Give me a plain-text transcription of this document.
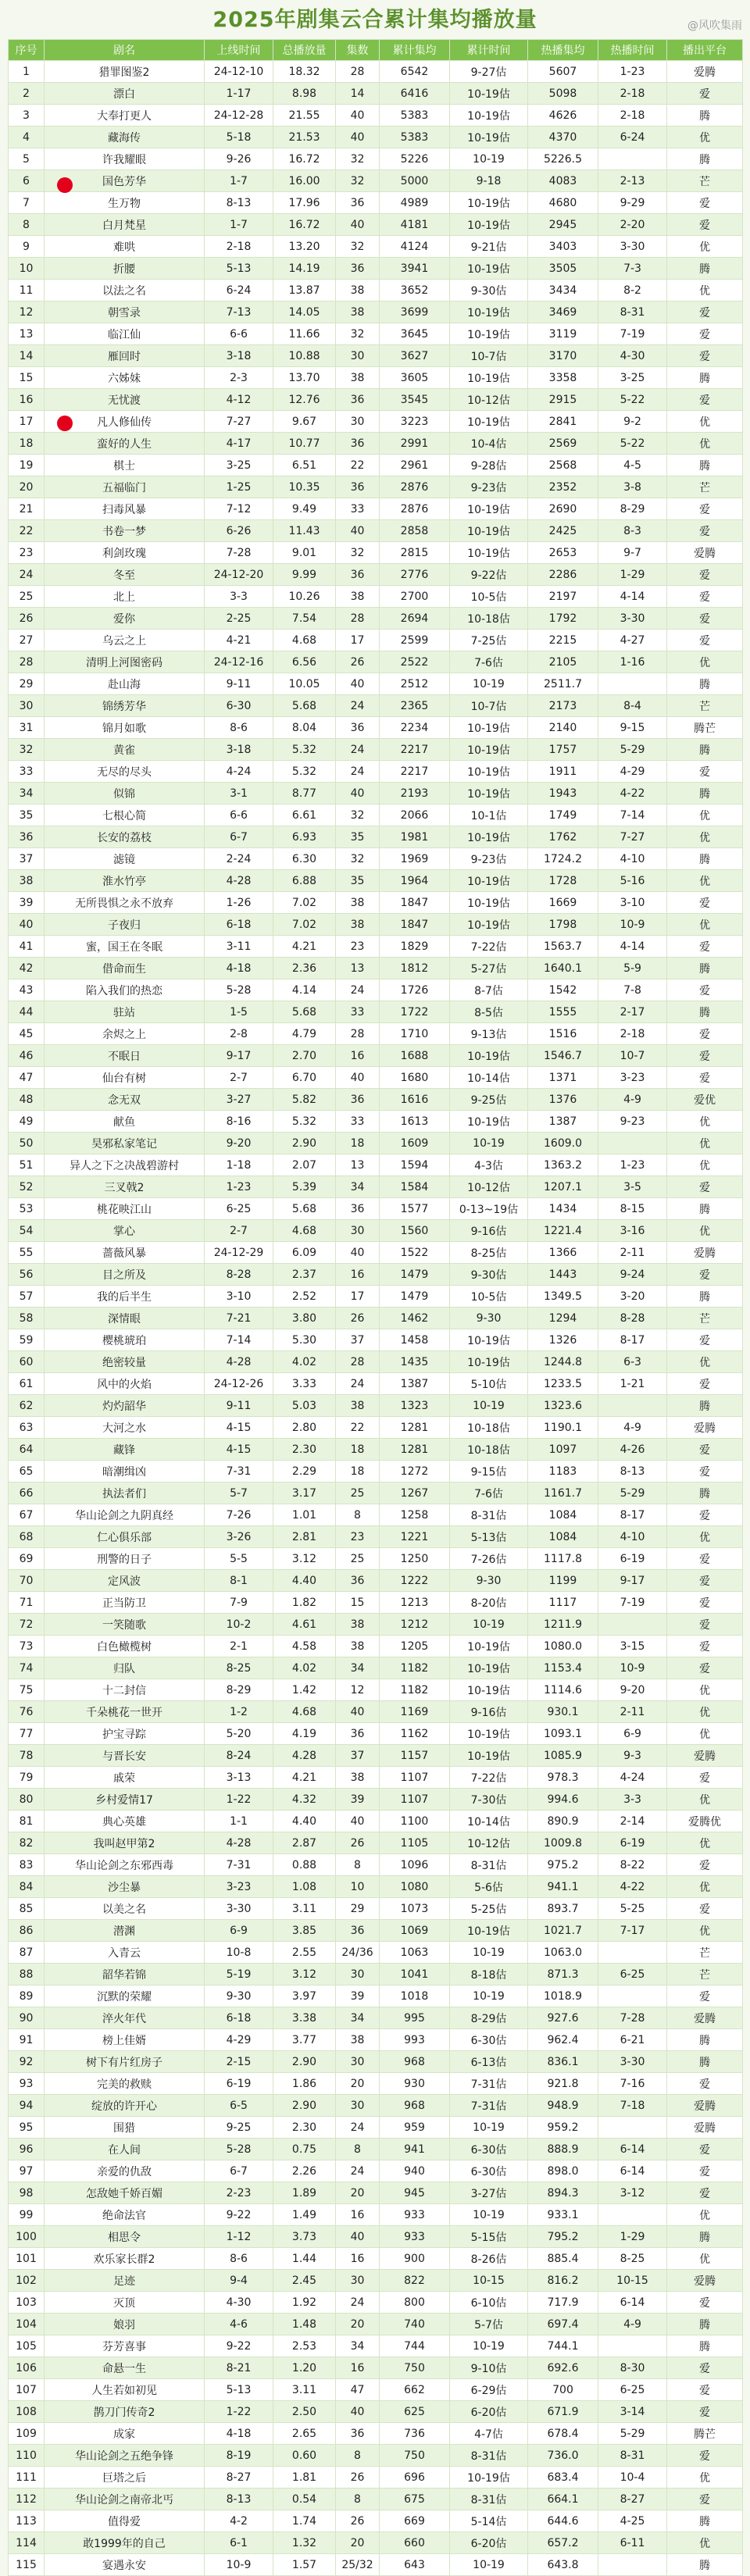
2025年剧集云合累计集均播放量	@风吹集雨
序号	剧名	上线时间	总播放量	集数	累计集均	累计时间	热播集均	热播时间	播出平台
1	猎罪图鉴2	24-12-10	18.32	28	6542	9-27估	5607	1-23	爱腾
2	漂白	1-17	8.98	14	6416	10-19估	5098	2-18	爱
3	大奉打更人	24-12-28	21.55	40	5383	10-19估	4626	2-18	腾
4	藏海传	5-18	21.53	40	5383	10-19估	4370	6-24	优
5	许我耀眼	9-26	16.72	32	5226	10-19	5226.5		腾
6	国色芳华	1-7	16.00	32	5000	9-18	4083	2-13	芒
7	生万物	8-13	17.96	36	4989	10-19估	4680	9-29	爱
8	白月梵星	1-7	16.72	40	4181	10-19估	2945	2-20	爱
9	难哄	2-18	13.20	32	4124	9-21估	3403	3-30	优
10	折腰	5-13	14.19	36	3941	10-19估	3505	7-3	腾
11	以法之名	6-24	13.87	38	3652	9-30估	3434	8-2	优
12	朝雪录	7-13	14.05	38	3699	10-19估	3469	8-31	爱
13	临江仙	6-6	11.66	32	3645	10-19估	3119	7-19	爱
14	雁回时	3-18	10.88	30	3627	10-7估	3170	4-30	爱
15	六姊妹	2-3	13.70	38	3605	10-19估	3358	3-25	腾
16	无忧渡	4-12	12.76	36	3545	10-12估	2915	5-22	爱
17	凡人修仙传	7-27	9.67	30	3223	10-19估	2841	9-2	优
18	蛮好的人生	4-17	10.77	36	2991	10-4估	2569	5-22	优
19	棋士	3-25	6.51	22	2961	9-28估	2568	4-5	腾
20	五福临门	1-25	10.35	36	2876	9-23估	2352	3-8	芒
21	扫毒风暴	7-12	9.49	33	2876	10-19估	2690	8-29	爱
22	书卷一梦	6-26	11.43	40	2858	10-19估	2425	8-3	爱
23	利剑玫瑰	7-28	9.01	32	2815	10-19估	2653	9-7	爱腾
24	冬至	24-12-20	9.99	36	2776	9-22估	2286	1-29	爱
25	北上	3-3	10.26	38	2700	10-5估	2197	4-14	爱
26	爱你	2-25	7.54	28	2694	10-18估	1792	3-30	爱
27	乌云之上	4-21	4.68	17	2599	7-25估	2215	4-27	爱
28	清明上河图密码	24-12-16	6.56	26	2522	7-6估	2105	1-16	优
29	赴山海	9-11	10.05	40	2512	10-19	2511.7		腾
30	锦绣芳华	6-30	5.68	24	2365	10-7估	2173	8-4	芒
31	锦月如歌	8-6	8.04	36	2234	10-19估	2140	9-15	腾芒
32	黄雀	3-18	5.32	24	2217	10-19估	1757	5-29	腾
33	无尽的尽头	4-24	5.32	24	2217	10-19估	1911	4-29	爱
34	似锦	3-1	8.77	40	2193	10-19估	1943	4-22	腾
35	七根心简	6-6	6.61	32	2066	10-1估	1749	7-14	优
36	长安的荔枝	6-7	6.93	35	1981	10-19估	1762	7-27	优
37	滤镜	2-24	6.30	32	1969	9-23估	1724.2	4-10	腾
38	淮水竹亭	4-28	6.88	35	1964	10-19估	1728	5-16	优
39	无所畏惧之永不放弃	1-26	7.02	38	1847	10-19估	1669	3-10	爱
40	子夜归	6-18	7.02	38	1847	10-19估	1798	10-9	优
41	蜜，国王在冬眠	3-11	4.21	23	1829	7-22估	1563.7	4-14	爱
42	借命而生	4-18	2.36	13	1812	5-27估	1640.1	5-9	腾
43	陷入我们的热恋	5-28	4.14	24	1726	8-7估	1542	7-8	爱
44	驻站	1-5	5.68	33	1722	8-5估	1555	2-17	腾
45	余烬之上	2-8	4.79	28	1710	9-13估	1516	2-18	爱
46	不眠日	9-17	2.70	16	1688	10-19估	1546.7	10-7	爱
47	仙台有树	2-7	6.70	40	1680	10-14估	1371	3-23	爱
48	念无双	3-27	5.82	36	1616	9-25估	1376	4-9	爱优
49	献鱼	8-16	5.32	33	1613	10-19估	1387	9-23	优
50	昊邪私家笔记	9-20	2.90	18	1609	10-19	1609.0		优
51	异人之下之决战碧游村	1-18	2.07	13	1594	4-3估	1363.2	1-23	优
52	三叉戟2	1-23	5.39	34	1584	10-12估	1207.1	3-5	爱
53	桃花映江山	6-25	5.68	36	1577	0-13~19估	1434	8-15	腾
54	掌心	2-7	4.68	30	1560	9-16估	1221.4	3-16	优
55	蔷薇风暴	24-12-29	6.09	40	1522	8-25估	1366	2-11	爱腾
56	目之所及	8-28	2.37	16	1479	9-30估	1443	9-24	爱
57	我的后半生	3-10	2.52	17	1479	10-5估	1349.5	3-20	腾
58	深情眼	7-21	3.80	26	1462	9-30	1294	8-28	芒
59	樱桃琥珀	7-14	5.30	37	1458	10-19估	1326	8-17	爱
60	绝密较量	4-28	4.02	28	1435	10-19估	1244.8	6-3	优
61	风中的火焰	24-12-26	3.33	24	1387	5-10估	1233.5	1-21	爱
62	灼灼韶华	9-11	5.03	38	1323	10-19	1323.6		腾
63	大河之水	4-15	2.80	22	1281	10-18估	1190.1	4-9	爱腾
64	藏锋	4-15	2.30	18	1281	10-18估	1097	4-26	爱
65	暗潮缉凶	7-31	2.29	18	1272	9-15估	1183	8-13	爱
66	执法者们	5-7	3.17	25	1267	7-6估	1161.7	5-29	腾
67	华山论剑之九阴真经	7-26	1.01	8	1258	8-31估	1084	8-17	爱
68	仁心俱乐部	3-26	2.81	23	1221	5-13估	1084	4-10	优
69	刑警的日子	5-5	3.12	25	1250	7-26估	1117.8	6-19	爱
70	定风波	8-1	4.40	36	1222	9-30	1199	9-17	爱
71	正当防卫	7-9	1.82	15	1213	8-20估	1117	7-19	爱
72	一笑随歌	10-2	4.61	38	1212	10-19	1211.9		爱
73	白色橄榄树	2-1	4.58	38	1205	10-19估	1080.0	3-15	爱
74	归队	8-25	4.02	34	1182	10-19估	1153.4	10-9	爱
75	十二封信	8-29	1.42	12	1182	10-19估	1114.6	9-20	优
76	千朵桃花一世开	1-2	4.68	40	1169	9-16估	930.1	2-11	优
77	护宝寻踪	5-20	4.19	36	1162	10-19估	1093.1	6-9	优
78	与晋长安	8-24	4.28	37	1157	10-19估	1085.9	9-3	爱腾
79	戚荣	3-13	4.21	38	1107	7-22估	978.3	4-24	爱
80	乡村爱情17	1-22	4.32	39	1107	7-30估	994.6	3-3	优
81	典心英雄	1-1	4.40	40	1100	10-14估	890.9	2-14	爱腾优
82	我叫赵甲第2	4-28	2.87	26	1105	10-12估	1009.8	6-19	优
83	华山论剑之东邪西毒	7-31	0.88	8	1096	8-31估	975.2	8-22	爱
84	沙尘暴	3-23	1.08	10	1080	5-6估	941.1	4-22	优
85	以美之名	3-30	3.11	29	1073	5-25估	893.7	5-25	爱
86	潜渊	6-9	3.85	36	1069	10-19估	1021.7	7-17	优
87	入青云	10-8	2.55	24/36	1063	10-19	1063.0		芒
88	韶华若锦	5-19	3.12	30	1041	8-18估	871.3	6-25	芒
89	沉默的荣耀	9-30	3.97	39	1018	10-19	1018.9		爱
90	淬火年代	6-18	3.38	34	995	8-29估	927.6	7-28	爱腾
91	榜上佳婿	4-29	3.77	38	993	6-30估	962.4	6-21	腾
92	树下有片红房子	2-15	2.90	30	968	6-13估	836.1	3-30	腾
93	完美的救赎	6-19	1.86	20	930	7-31估	921.8	7-16	爱
94	绽放的许开心	6-5	2.90	30	968	7-31估	948.9	7-18	爱腾
95	围猎	9-25	2.30	24	959	10-19	959.2		爱腾
96	在人间	5-28	0.75	8	941	6-30估	888.9	6-14	爱
97	亲爱的仇敌	6-7	2.26	24	940	6-30估	898.0	6-14	爱
98	怎敌她千娇百媚	2-23	1.89	20	945	3-27估	894.3	3-12	爱
99	绝命法官	9-22	1.49	16	933	10-19	933.1		优
100	相思令	1-12	3.73	40	933	5-15估	795.2	1-29	腾
101	欢乐家长群2	8-6	1.44	16	900	8-26估	885.4	8-25	优
102	足迹	9-4	2.45	30	822	10-15	816.2	10-15	爱腾
103	灭顶	4-30	1.92	24	800	6-10估	717.9	6-14	爱
104	娘羽	4-6	1.48	20	740	5-7估	697.4	4-9	腾
105	芬芳喜事	9-22	2.53	34	744	10-19	744.1		腾
106	命悬一生	8-21	1.20	16	750	9-10估	692.6	8-30	爱
107	人生若如初见	5-13	3.11	47	662	6-29估	700	6-25	爱
108	鹊刀门传奇2	1-22	2.50	40	625	6-20估	671.9	3-14	爱
109	成家	4-18	2.65	36	736	4-7估	678.4	5-29	腾芒
110	华山论剑之五绝争锋	8-19	0.60	8	750	8-31估	736.0	8-31	爱
111	巨塔之后	8-27	1.81	26	696	10-19估	683.4	10-4	优
112	华山论剑之南帝北丐	8-13	0.54	8	675	8-31估	664.1	8-27	爱
113	值得爱	4-2	1.74	26	669	5-14估	644.6	4-25	腾
114	敢1999年的自己	6-1	1.32	20	660	6-20估	657.2	6-11	优
115	宴遇永安	10-9	1.57	25/32	643	10-19	643.8		腾
